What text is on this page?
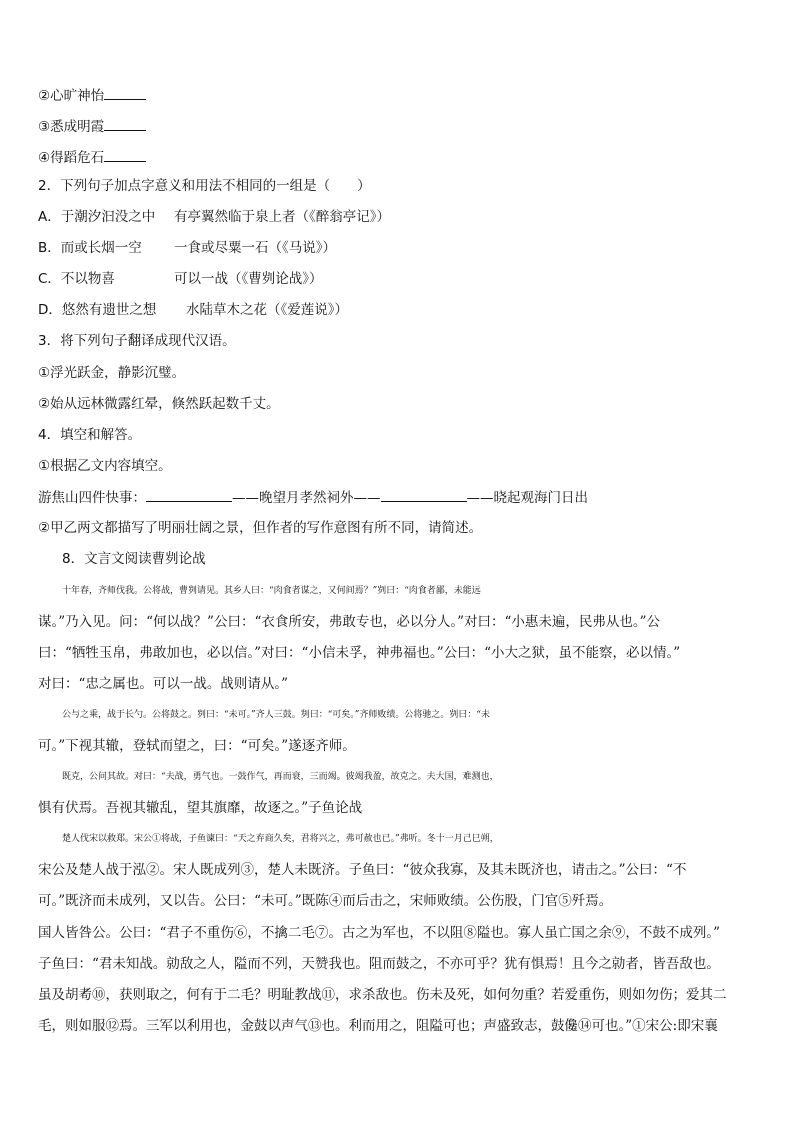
②心旷神怡
③悉成明霞
④得蹈危石
2．下列句子加点字意义和用法不相同的一组是（　　）
A．于潮汐汩没之中 有亭翼然临于泉上者（《醉翁亭记》）
B．而或长烟一空 一食或尽粟一石（《马说》）
C．不以物喜	可以一战（《曹刿论战》）
D．悠然有遗世之想 水陆草木之花（《爱莲说》）
3．将下列句子翻译成现代汉语。
①浮光跃金，静影沉璧。
②始从远林微露红晕，倏然跃起数千丈。
4．填空和解答。
①根据乙文内容填空。
游焦山四件快事：	——晚望月孝然祠外——	——晓起观海门日出
②甲乙两文都描写了明丽壮阔之景，但作者的写作意图有所不同，请简述。
8．文言文阅读曹刿论战
十年春，齐师伐我。公将战，曹刿请见。其乡人曰：“肉食者谋之，又何间焉？”刿曰：“肉食者鄙，未能远
谋。”乃入见。问：“何以战？”公曰：“衣食所安，弗敢专也，必以分人。”对曰：“小惠未遍，民弗从也。”公
曰：“牺牲玉帛，弗敢加也，必以信。”对曰：“小信未孚，神弗福也。”公曰：“小大之狱，虽不能察，必以情。”
对曰：“忠之属也。可以一战。战则请从。”
公与之乘，战于长勺。公将鼓之。刿曰：“未可。”齐人三鼓。刿曰：“可矣。”齐师败绩。公将驰之。刿曰：“未
可。”下视其辙，登轼而望之，曰：“可矣。”遂逐齐师。
既克，公问其故。对曰：“夫战，勇气也。一鼓作气，再而衰，三而竭。彼竭我盈，故克之。夫大国，难测也，
惧有伏焉。吾视其辙乱，望其旗靡，故逐之。”子鱼论战
楚人伐宋以救郑。宋公①将战，子鱼谏曰：“天之弃商久矣，君将兴之，弗可赦也已。”弗听。冬十一月己巳朔，
宋公及楚人战于泓②。宋人既成列③，楚人未既济。子鱼曰：“彼众我寡，及其未既济也，请击之。”公曰：“不
可。”既济而未成列，又以告。公曰：“未可。”既陈④而后击之，宋师败绩。公伤股，门官⑤歼焉。
国人皆咎公。公曰：“君子不重伤⑥，不擒二毛⑦。古之为军也，不以阻⑧隘也。寡人虽亡国之余⑨，不鼓不成列。”
子鱼曰：“君未知战。勍敌之人，隘而不列，天赞我也。阻而鼓之，不亦可乎？犹有惧焉！且今之勍者，皆吾敌也。
虽及胡耇⑩，获则取之，何有于二毛？明耻教战⑪，求杀敌也。伤未及死，如何勿重？若爱重伤，则如勿伤；爱其二
毛，则如服⑫焉。三军以利用也，金鼓以声气⑬也。利而用之，阻隘可也；声盛致志，鼓儳⑭可也。”①宋公:即宋襄
